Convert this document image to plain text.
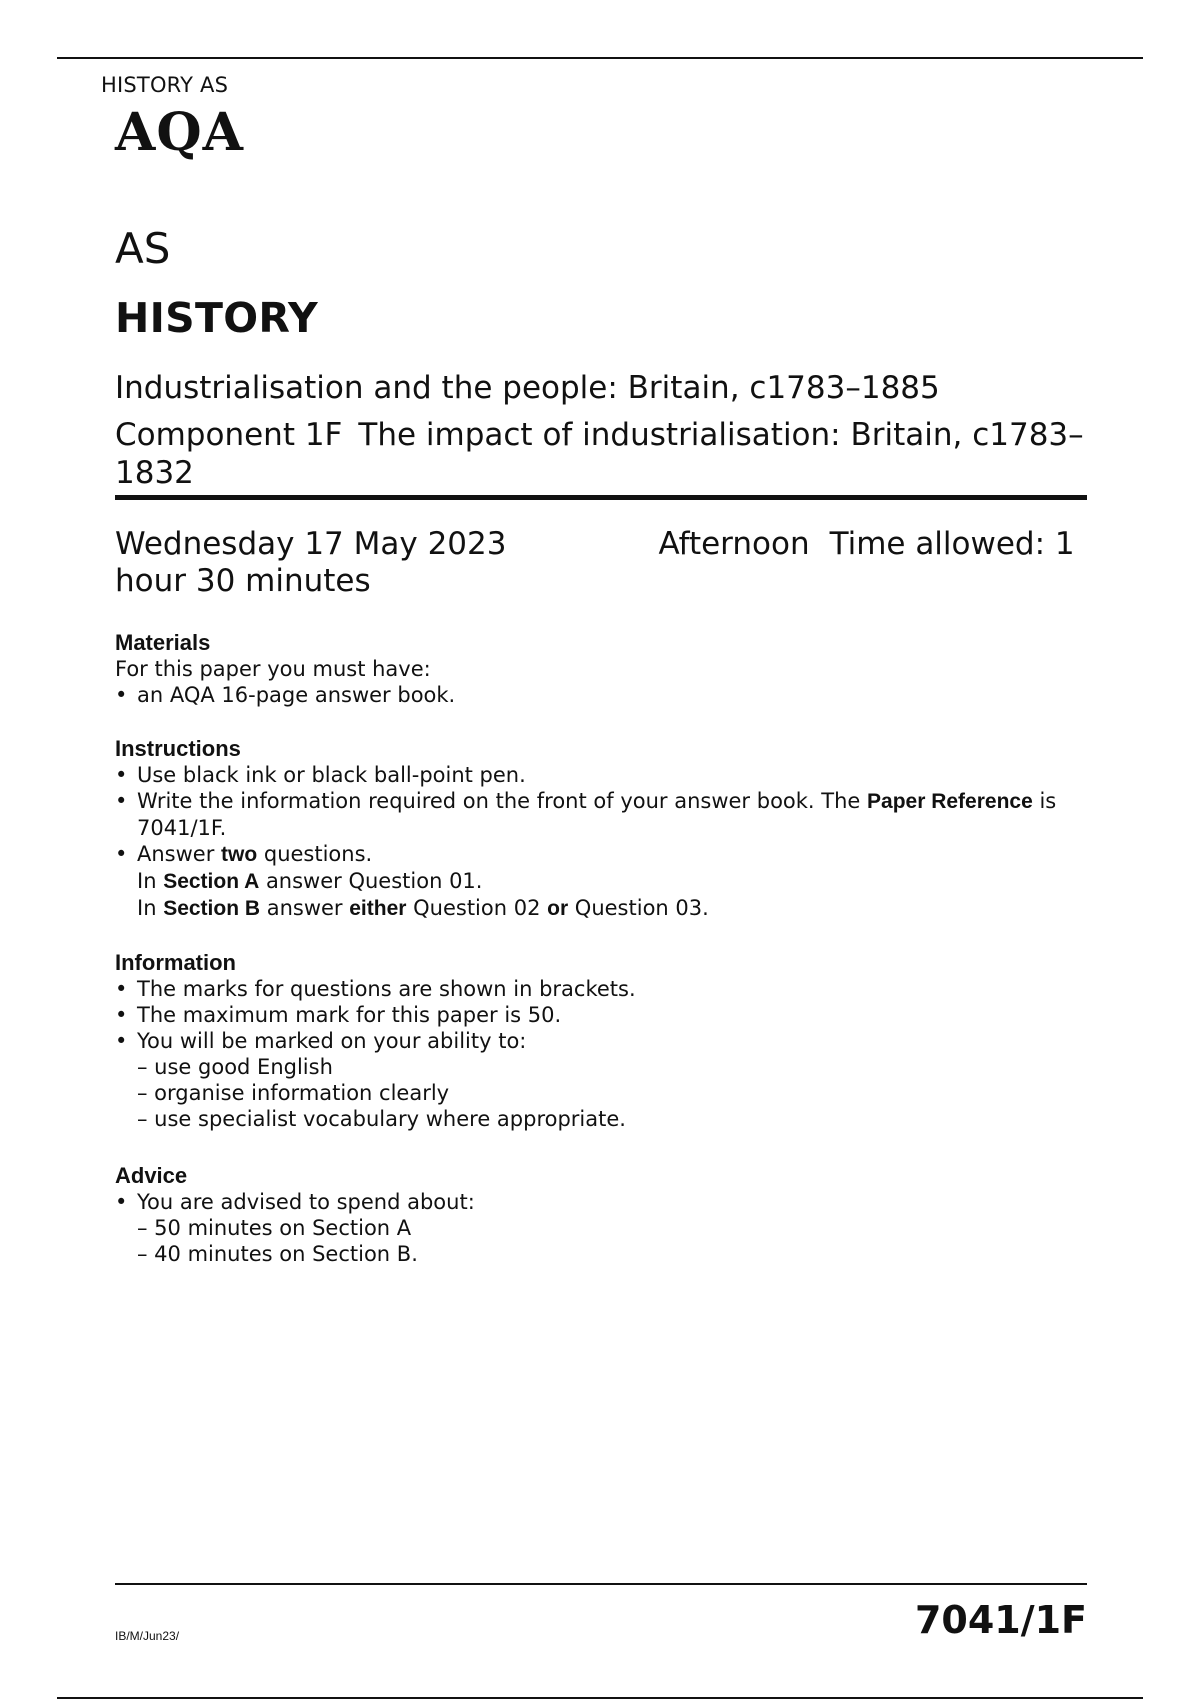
HISTORY AS
AQA
AS
HISTORY
Industrialisation and the people: Britain, c1783–1885
Component 1F The impact of industrialisation: Britain, c1783–1832
Wednesday 17 May 2023	Afternoon Time allowed: 1 hour 30 minutes
Materials

For this paper you must have:

• an AQA 16-page answer book.
Instructions
• Use black ink or black ball-point pen.
• Write the information required on the front of your answer book. The Paper Reference is 7041/1F.
• Answer two questions.
In Section A answer Question 01.
In Section B answer either Question 02 or Question 03.
Information
• The marks for questions are shown in brackets.
• The maximum mark for this paper is 50.
• You will be marked on your ability to:
– use good English
– organise information clearly
– use specialist vocabulary where appropriate.
Advice
• You are advised to spend about:
– 50 minutes on Section A
– 40 minutes on Section B.
IB/M/Jun23/	7041/1F
